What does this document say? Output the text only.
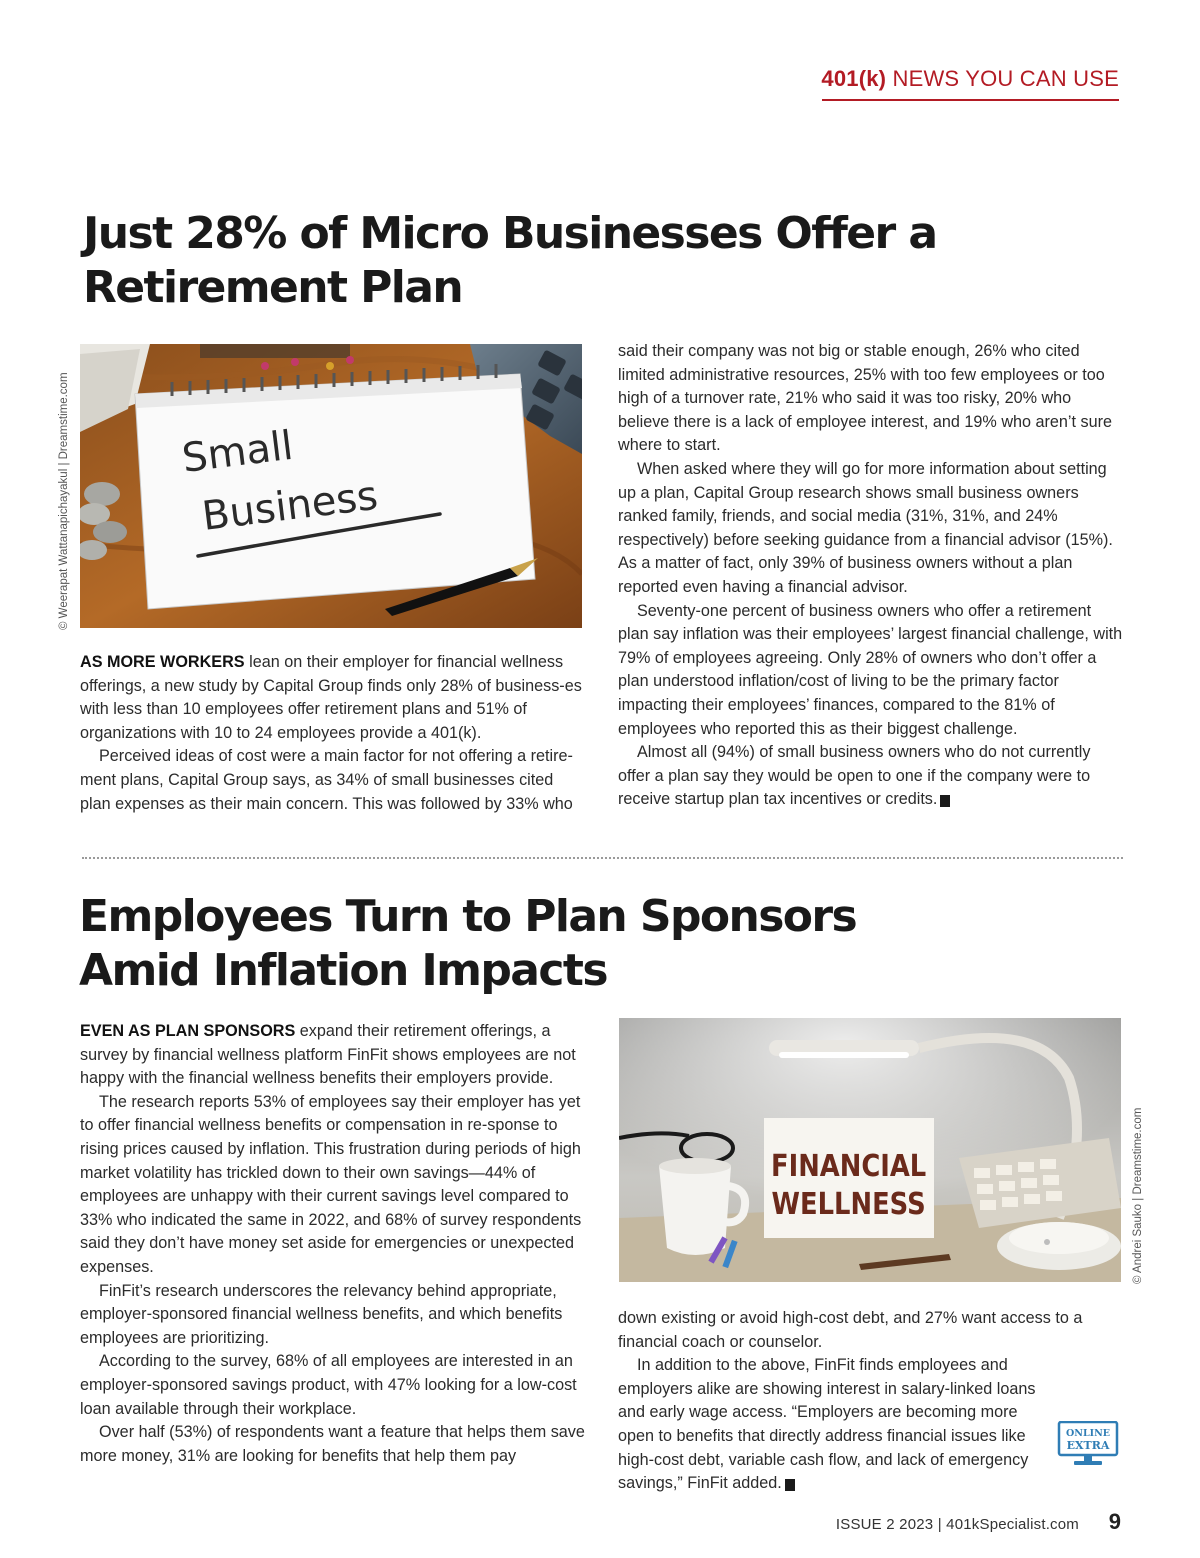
401(k) NEWS YOU CAN USE
Just 28% of Micro Businesses Offer a
Retirement Plan
© Weerapat Wattanapichayakul | Dreamstime.com	Small
Business

AS MORE WORKERS lean on their employer for financial wellness offerings, a new study by Capital Group finds only 28% of business-es with less than 10 employees offer retirement plans and 51% of organizations with 10 to 24 employees provide a 401(k).

Perceived ideas of cost were a main factor for not offering a retire-ment plans, Capital Group says, as 34% of small businesses cited plan expenses as their main concern. This was followed by 33% who

said their company was not big or stable enough, 26% who cited limited administrative resources, 25% with too few employees or too high of a turnover rate, 21% who said it was too risky, 20% who believe there is a lack of employee interest, and 19% who aren’t sure where to start.

When asked where they will go for more information about setting up a plan, Capital Group research shows small business owners ranked family, friends, and social media (31%, 31%, and 24% respectively) before seeking guidance from a financial advisor (15%). As a matter of fact, only 39% of business owners without a plan reported even having a financial advisor.

Seventy-one percent of business owners who offer a retirement plan say inflation was their employees’ largest financial challenge, with 79% of employees agreeing. Only 28% of owners who don’t offer a plan understood inflation/cost of living to be the primary factor impacting their employees’ finances, compared to the 81% of employees who reported this as their biggest challenge.

Almost all (94%) of small business owners who do not currently offer a plan say they would be open to one if the company were to receive startup plan tax incentives or credits. K

Employees Turn to Plan Sponsors
Amid Inflation Impacts

EVEN AS PLAN SPONSORS expand their retirement offerings, a survey by financial wellness platform FinFit shows employees are not happy with the financial wellness benefits their employers provide.

The research reports 53% of employees say their employer has yet to offer financial wellness benefits or compensation in re-sponse to rising prices caused by inflation. This frustration during periods of high market volatility has trickled down to their own savings—44% of employees are unhappy with their current savings level compared to 33% who indicated the same in 2022, and 68% of survey respondents said they don’t have money set aside for emergencies or unexpected expenses.

FinFit’s research underscores the relevancy behind appropriate, employer-sponsored financial wellness benefits, and which benefits employees are prioritizing.

According to the survey, 68% of all employees are interested in an employer-sponsored savings product, with 47% looking for a low-cost loan available through their workplace.

Over half (53%) of respondents want a feature that helps them save more money, 31% are looking for benefits that help them pay

FINANCIAL
WELLNESS	© Andrei Sauko | Dreamstime.com

down existing or avoid high-cost debt, and 27% want access to a financial coach or counselor.

In addition to the above, FinFit finds employees and employers alike are showing interest in salary-linked loans and early wage access. “Employers are becoming more open to benefits that directly address financial issues like high-cost debt, variable cash flow, and lack of emergency savings,” FinFit added. K

ONLINE
EXTRA
ISSUE 2 2023 | 401kSpecialist.com 9
